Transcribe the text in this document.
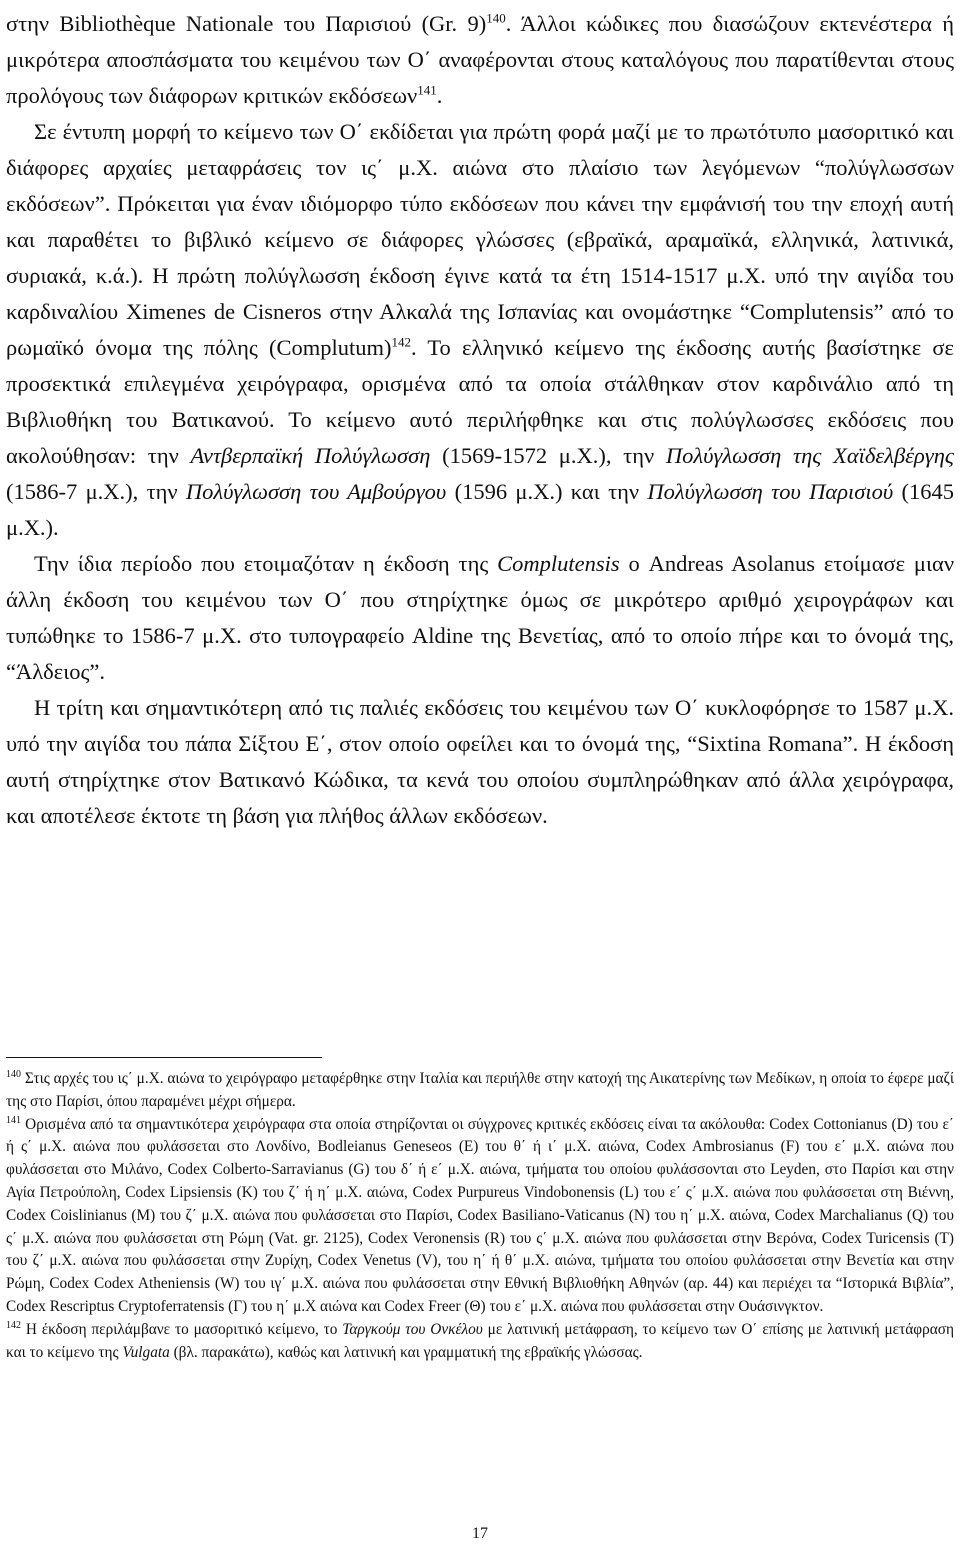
στην Bibliothèque Nationale του Παρισιού (Gr. 9)$^{140}$. Άλλοι κώδικες που διασώζουν εκτενέστερα ή μικρότερα αποσπάσματα του κειμένου των Ο΄ αναφέρονται στους καταλόγους που παρατίθενται στους προλόγους των διάφορων κριτικών εκδόσεων$^{141}$.

Σε έντυπη μορφή το κείμενο των Ο΄ εκδίδεται για πρώτη φορά μαζί με το πρωτότυπο μασοριτικό και διάφορες αρχαίες μεταφράσεις τον ις΄ μ.Χ. αιώνα στο πλαίσιο των λεγόμενων “πολύγλωσσων εκδόσεων”. Πρόκειται για έναν ιδιόμορφο τύπο εκδόσεων που κάνει την εμφάνισή του την εποχή αυτή και παραθέτει το βιβλικό κείμενο σε διάφορες γλώσσες (εβραϊκά, αραμαϊκά, ελληνικά, λατινικά, συριακά, κ.ά.). Η πρώτη πολύγλωσση έκδοση έγινε κατά τα έτη 1514-1517 μ.Χ. υπό την αιγίδα του καρδιναλίου Ximenes de Cisneros στην Αλκαλά της Ισπανίας και ονομάστηκε “Complutensis” από το ρωμαϊκό όνομα της πόλης (Complutum)$^{142}$. Το ελληνικό κείμενο της έκδοσης αυτής βασίστηκε σε προσεκτικά επιλεγμένα χειρόγραφα, ορισμένα από τα οποία στάλθηκαν στον καρδινάλιο από τη Βιβλιοθήκη του Βατικανού. Το κείμενο αυτό περιλήφθηκε και στις πολύγλωσσες εκδόσεις που ακολούθησαν: την Αντβερπαϊκή Πολύγλωσση (1569-1572 μ.Χ.), την Πολύγλωσση της Χαϊδελβέργης (1586-7 μ.Χ.), την Πολύγλωσση του Αμβούργου (1596 μ.Χ.) και την Πολύγλωσση του Παρισιού (1645 μ.Χ.).

Την ίδια περίοδο που ετοιμαζόταν η έκδοση της Complutensis ο Andreas Asolanus ετοίμασε μιαν άλλη έκδοση του κειμένου των Ο΄ που στηρίχτηκε όμως σε μικρότερο αριθμό χειρογράφων και τυπώθηκε το 1586-7 μ.Χ. στο τυπογραφείο Aldine της Βενετίας, από το οποίο πήρε και το όνομά της, “Άλδειος”.

Η τρίτη και σημαντικότερη από τις παλιές εκδόσεις του κειμένου των Ο΄ κυκλοφόρησε το 1587 μ.Χ. υπό την αιγίδα του πάπα Σίξτου Ε΄, στον οποίο οφείλει και το όνομά της, “Sixtina Romana”. Η έκδοση αυτή στηρίχτηκε στον Βατικανό Κώδικα, τα κενά του οποίου συμπληρώθηκαν από άλλα χειρόγραφα, και αποτέλεσε έκτοτε τη βάση για πλήθος άλλων εκδόσεων.

$^{140}$ Στις αρχές του ις΄ μ.Χ. αιώνα το χειρόγραφο μεταφέρθηκε στην Ιταλία και περιήλθε στην κατοχή της Αικατερίνης των Μεδίκων, η οποία το έφερε μαζί της στο Παρίσι, όπου παραμένει μέχρι σήμερα.

$^{141}$ Ορισμένα από τα σημαντικότερα χειρόγραφα στα οποία στηρίζονται οι σύγχρονες κριτικές εκδόσεις είναι τα ακόλουθα: Codex Cottonianus (D) του ε΄ ή ς΄ μ.Χ. αιώνα που φυλάσσεται στο Λονδίνο, Bodleianus Geneseos (E) του θ΄ ή ι΄ μ.Χ. αιώνα, Codex Ambrosianus (F) του ε΄ μ.Χ. αιώνα που φυλάσσεται στο Μιλάνο, Codex Colberto-Sarravianus (G) του δ΄ ή ε΄ μ.Χ. αιώνα, τμήματα του οποίου φυλάσσονται στο Leyden, στο Παρίσι και στην Αγία Πετρούπολη, Codex Lipsiensis (K) του ζ΄ ή η΄ μ.Χ. αιώνα, Codex Purpureus Vindobonensis (L) του ε΄ ς΄ μ.Χ. αιώνα που φυλάσσεται στη Βιέννη, Codex Coislinianus (M) του ζ΄ μ.Χ. αιώνα που φυλάσσεται στο Παρίσι, Codex Basiliano-Vaticanus (N) του η΄ μ.Χ. αιώνα, Codex Marchalianus (Q) του ς΄ μ.Χ. αιώνα που φυλάσσεται στη Ρώμη (Vat. gr. 2125), Codex Veronensis (R) του ς΄ μ.Χ. αιώνα που φυλάσσεται στην Βερόνα, Codex Turicensis (T) του ζ΄ μ.Χ. αιώνα που φυλάσσεται στην Ζυρίχη, Codex Venetus (V), του η΄ ή θ΄ μ.Χ. αιώνα, τμήματα του οποίου φυλάσσεται στην Βενετία και στην Ρώμη, Codex Codex Atheniensis (W) του ιγ΄ μ.Χ. αιώνα που φυλάσσεται στην Εθνική Βιβλιοθήκη Αθηνών (αρ. 44) και περιέχει τα “Ιστορικά Βιβλία”, Codex Rescriptus Cryptoferratensis (Γ) του η΄ μ.Χ αιώνα και Codex Freer (Θ) του ε΄ μ.Χ. αιώνα που φυλάσσεται στην Ουάσινγκτον.

$^{142}$ Η έκδοση περιλάμβανε το μασοριτικό κείμενο, το Ταργκούμ του Ονκέλου με λατινική μετάφραση, το κείμενο των Ο΄ επίσης με λατινική μετάφραση και το κείμενο της Vulgata (βλ. παρακάτω), καθώς και λατινική και γραμματική της εβραϊκής γλώσσας.

17
